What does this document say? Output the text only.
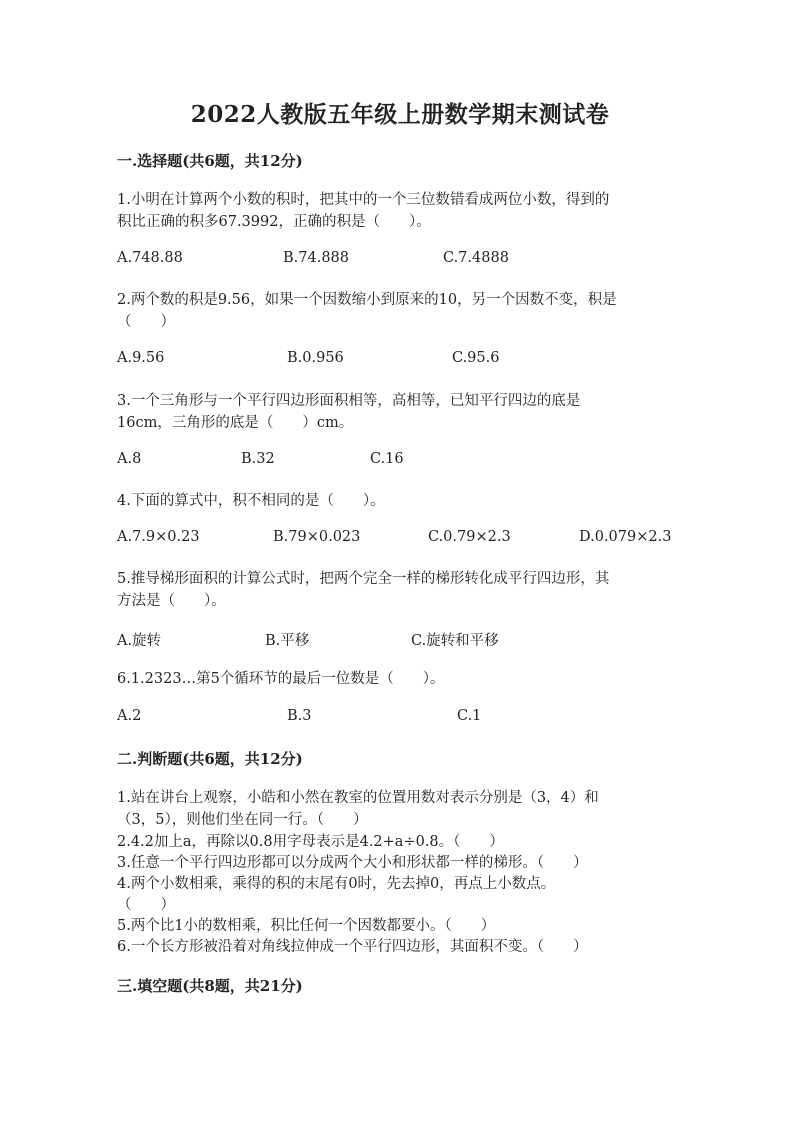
2022人教版五年级上册数学期末测试卷
一.选择题(共6题，共12分)
1.小明在计算两个小数的积时，把其中的一个三位数错看成两位小数，得到的
积比正确的积多67.3992，正确的积是（　　）。
A.748.88	B.74.888	C.7.4888
2.两个数的积是9.56，如果一个因数缩小到原来的10，另一个因数不变，积是
（　　）
A.9.56	B.0.956	C.95.6
3.一个三角形与一个平行四边形面积相等，高相等，已知平行四边的底是
16cm，三角形的底是（　　）cm。
A.8	B.32	C.16
4.下面的算式中，积不相同的是（　　）。
A.7.9×0.23	B.79×0.023	C.0.79×2.3	D.0.079×2.3
5.推导梯形面积的计算公式时，把两个完全一样的梯形转化成平行四边形，其
方法是（　　）。
A.旋转	B.平移	C.旋转和平移
6.1.2323…第5个循环节的最后一位数是（　　）。
A.2	B.3	C.1
二.判断题(共6题，共12分)
1.站在讲台上观察，小皓和小然在教室的位置用数对表示分别是（3，4）和
（3，5），则他们坐在同一行。（　　）
2.4.2加上a，再除以0.8用字母表示是4.2+a÷0.8。（　　）
3.任意一个平行四边形都可以分成两个大小和形状都一样的梯形。（　　）
4.两个小数相乘，乘得的积的末尾有0时，先去掉0，再点上小数点。
（　　）
5.两个比1小的数相乘，积比任何一个因数都要小。（　　）
6.一个长方形被沿着对角线拉伸成一个平行四边形，其面积不变。（　　）
三.填空题(共8题，共21分)
